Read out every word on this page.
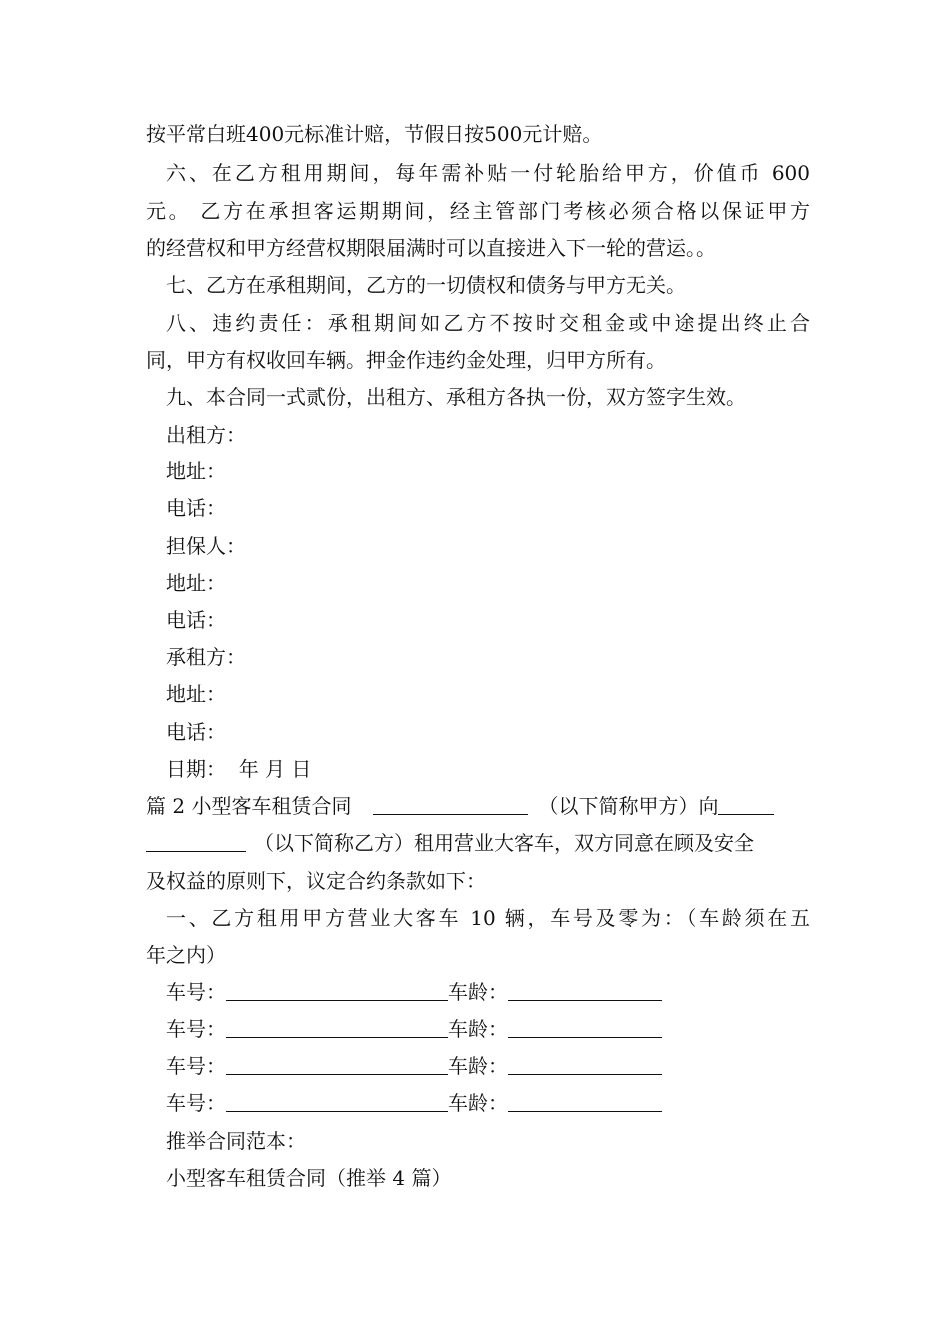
按平常白班400元标准计赔，节假日按500元计赔。
六、在乙方租用期间，每年需补贴一付轮胎给甲方，价值币 600
元。 乙方在承担客运期期间，经主管部门考核必须合格以保证甲方
的经营权和甲方经营权期限届满时可以直接进入下一轮的营运。。
七、乙方在承租期间，乙方的一切债权和债务与甲方无关。
八、违约责任：承租期间如乙方不按时交租金或中途提出终止合
同，甲方有权收回车辆。押金作违约金处理，归甲方所有。
九、本合同一式贰份，出租方、承租方各执一份，双方签字生效。
出租方：
地址：
电话：
担保人：
地址：
电话：
承租方：
地址：
电话：
日期：  年 月 日
篇 2 小型客车租赁合同	（以下简称甲方）向
（以下简称乙方）租用营业大客车，双方同意在顾及安全
及权益的原则下，议定合约条款如下：
一、乙方租用甲方营业大客车 10 辆，车号及零为：（车龄须在五
年之内）
车号：	车龄：
车号：	车龄：
车号：	车龄：
车号：	车龄：
推举合同范本：
小型客车租赁合同（推举 4 篇）
